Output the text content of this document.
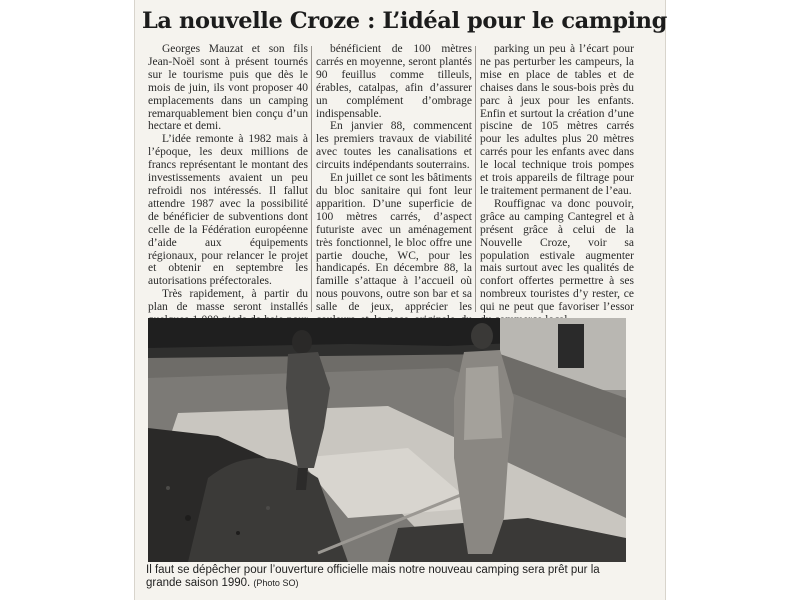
La nouvelle Croze : L’idéal pour le camping

Georges Mauzat et son fils Jean-Noël sont à présent tournés sur le tourisme puis que dès le mois de juin, ils vont proposer 40 emplacements dans un camping remarquablement bien conçu d’un hectare et demi.

L’idée remonte à 1982 mais à l’époque, les deux millions de francs représentant le montant des investissements avaient un peu refroidi nos intéressés. Il fallut attendre 1987 avec la possibilité de bénéficier de subventions dont celle de la Fédération européenne d’aide aux équipements régionaux, pour relancer le projet et obtenir en septembre les autorisations préfectorales.

Très rapidement, à partir du plan de masse seront installés

bénéficient de 100 mètres carrés en moyenne, seront plantés 90 feuillus comme tilleuls, érables, catalpas, afin d’assurer un complément d’ombrage indispensable.

En janvier 88, commencent les premiers travaux de viabilité avec toutes les canalisations et circuits indépendants souterrains.

En juillet ce sont les bâtiments du bloc sanitaire qui font leur apparition. D’une superficie de 100 mètres carrés, d’aspect futuriste avec un aménagement très fonctionnel, le bloc offre une partie douche, WC, pour les handicapés. En décembre 88, la famille s’attaque à l’accueil où nous pouvons, outre son bar et sa salle de jeux, apprécier les

parking un peu à l’écart pour ne pas perturber les campeurs, la mise en place de tables et de chaises dans le sous-bois près du parc à jeux pour les enfants. Enfin et surtout la création d’une piscine de 105 mètres carrés pour les adultes plus 20 mètres carrés pour les enfants avec dans le local technique trois pompes et trois appareils de filtrage pour le traitement permanent de l’eau.

Rouffignac va donc pouvoir, grâce au camping Cantegrel et à présent grâce à celui de la Nouvelle Croze, voir sa population estivale augmenter mais surtout avec les qualités de confort offertes permettre à ses nombreux touristes d’y rester, ce qui ne peut que favoriser l’essor

Il faut se dépêcher pour l’ouverture officielle mais notre nouveau camping sera prêt pur la grande saison 1990. (Photo SO)
